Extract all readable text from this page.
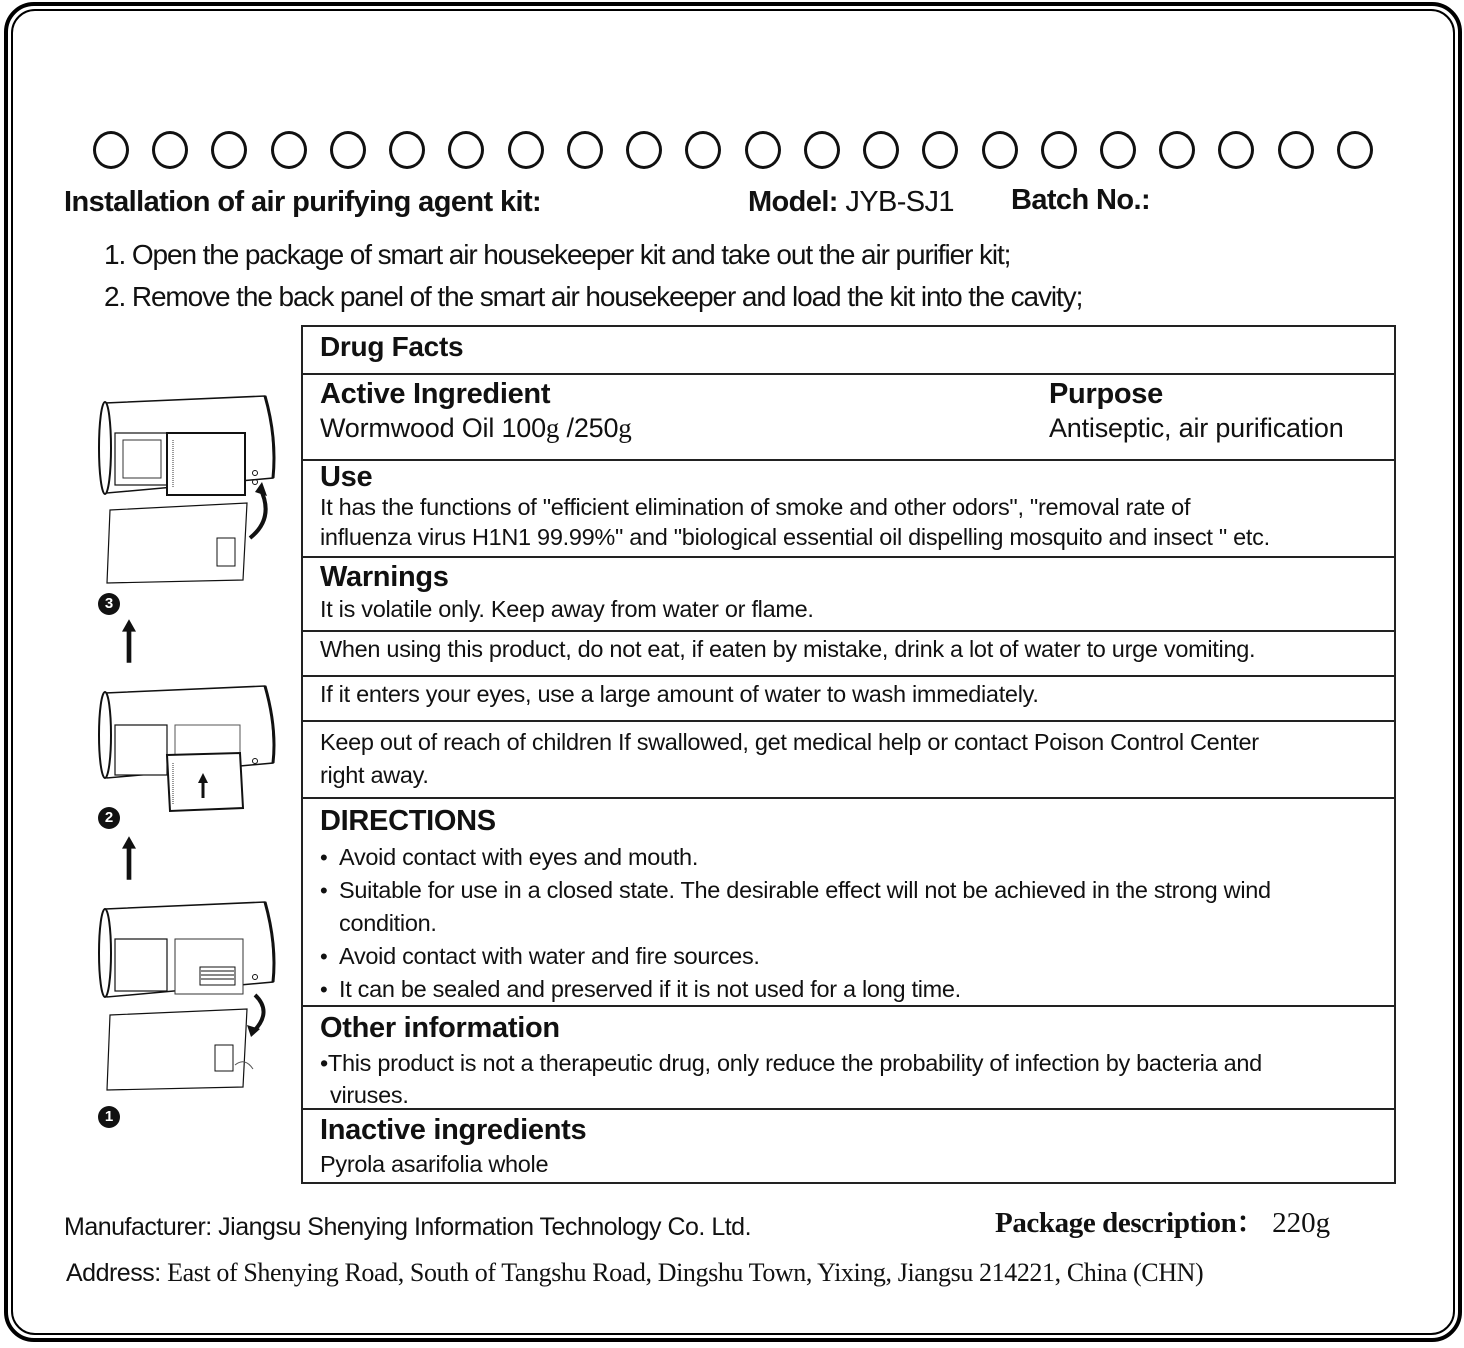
Installation of air purifying agent kit:	Model: JYB-SJ1 Batch No.:
1. Open the package of smart air housekeeper kit and take out the air purifier kit;
2. Remove the back panel of the smart air housekeeper and load the kit into the cavity;
3
2
1
Drug Facts
Active Ingredient
Wormwood Oil 100g /250g
Purpose
Antiseptic, air purification
Use
It has the functions of "efficient elimination of smoke and other odors", "removal rate of
influenza virus H1N1 99.99%" and "biological essential oil dispelling mosquito and insect " etc.
Warnings
It is volatile only. Keep away from water or flame.
When using this product, do not eat, if eaten by mistake, drink a lot of water to urge vomiting.
If it enters your eyes, use a large amount of water to wash immediately.
Keep out of reach of children If swallowed, get medical help or contact Poison Control Center
right away.
DIRECTIONS
• Avoid contact with eyes and mouth.
• Suitable for use in a closed state. The desirable effect will not be achieved in the strong wind
condition.
• Avoid contact with water and fire sources.
• It can be sealed and preserved if it is not used for a long time.
Other information
•This product is not a therapeutic drug, only reduce the probability of infection by bacteria and
viruses.
Inactive ingredients
Pyrola asarifolia whole
Manufacturer: Jiangsu Shenying Information Technology Co. Ltd.	Package description： 220g
Address: East of Shenying Road, South of Tangshu Road, Dingshu Town, Yixing, Jiangsu 214221, China (CHN)
